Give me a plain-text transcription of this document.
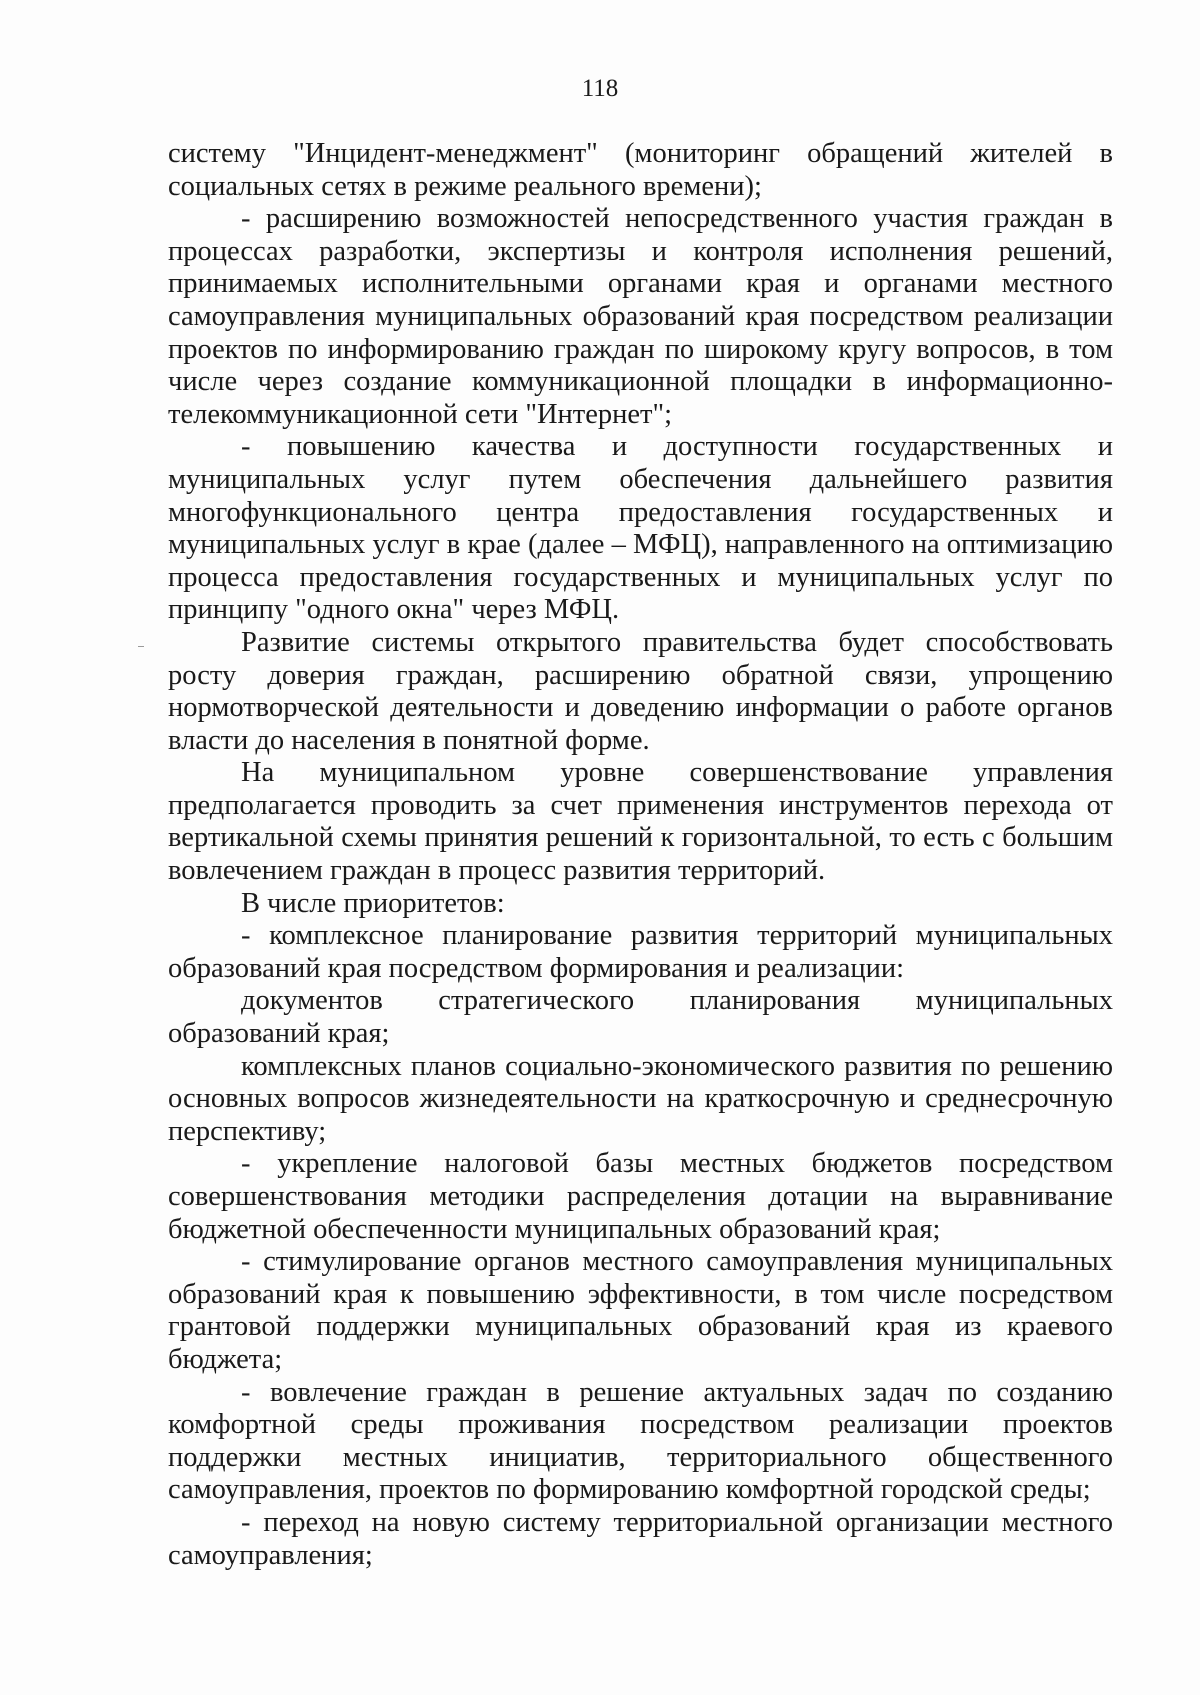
118

систему "Инцидент-менеджмент" (мониторинг обращений жителей в социальных сетях в режиме реального времени);

- расширению возможностей непосредственного участия граждан в процессах разработки, экспертизы и контроля исполнения решений, принимаемых исполнительными органами края и органами местного самоуправления муниципальных образований края посредством реализации проектов по информированию граждан по широкому кругу вопросов, в том числе через создание коммуникационной площадки в информационно-телекоммуникационной сети "Интернет";

- повышению качества и доступности государственных и муниципальных услуг путем обеспечения дальнейшего развития многофункционального центра предоставления государственных и муниципальных услуг в крае (далее – МФЦ), направленного на оптимизацию процесса предоставления государственных и муниципальных услуг по принципу "одного окна" через МФЦ.

Развитие системы открытого правительства будет способствовать росту доверия граждан, расширению обратной связи, упрощению нормотворческой деятельности и доведению информации о работе органов власти до населения в понятной форме.

На муниципальном уровне совершенствование управления предполагается проводить за счет применения инструментов перехода от вертикальной схемы принятия решений к горизонтальной, то есть с большим вовлечением граждан в процесс развития территорий.

В числе приоритетов:

- комплексное планирование развития территорий муниципальных образований края посредством формирования и реализации:

документов стратегического планирования муниципальных образований края;

комплексных планов социально-экономического развития по решению основных вопросов жизнедеятельности на краткосрочную и среднесрочную перспективу;

- укрепление налоговой базы местных бюджетов посредством совершенствования методики распределения дотации на выравнивание бюджетной обеспеченности муниципальных образований края;

- стимулирование органов местного самоуправления муниципальных образований края к повышению эффективности, в том числе посредством грантовой поддержки муниципальных образований края из краевого бюджета;

- вовлечение граждан в решение актуальных задач по созданию комфортной среды проживания посредством реализации проектов поддержки местных инициатив, территориального общественного самоуправления, проектов по формированию комфортной городской среды;

- переход на новую систему территориальной организации местного самоуправления;
